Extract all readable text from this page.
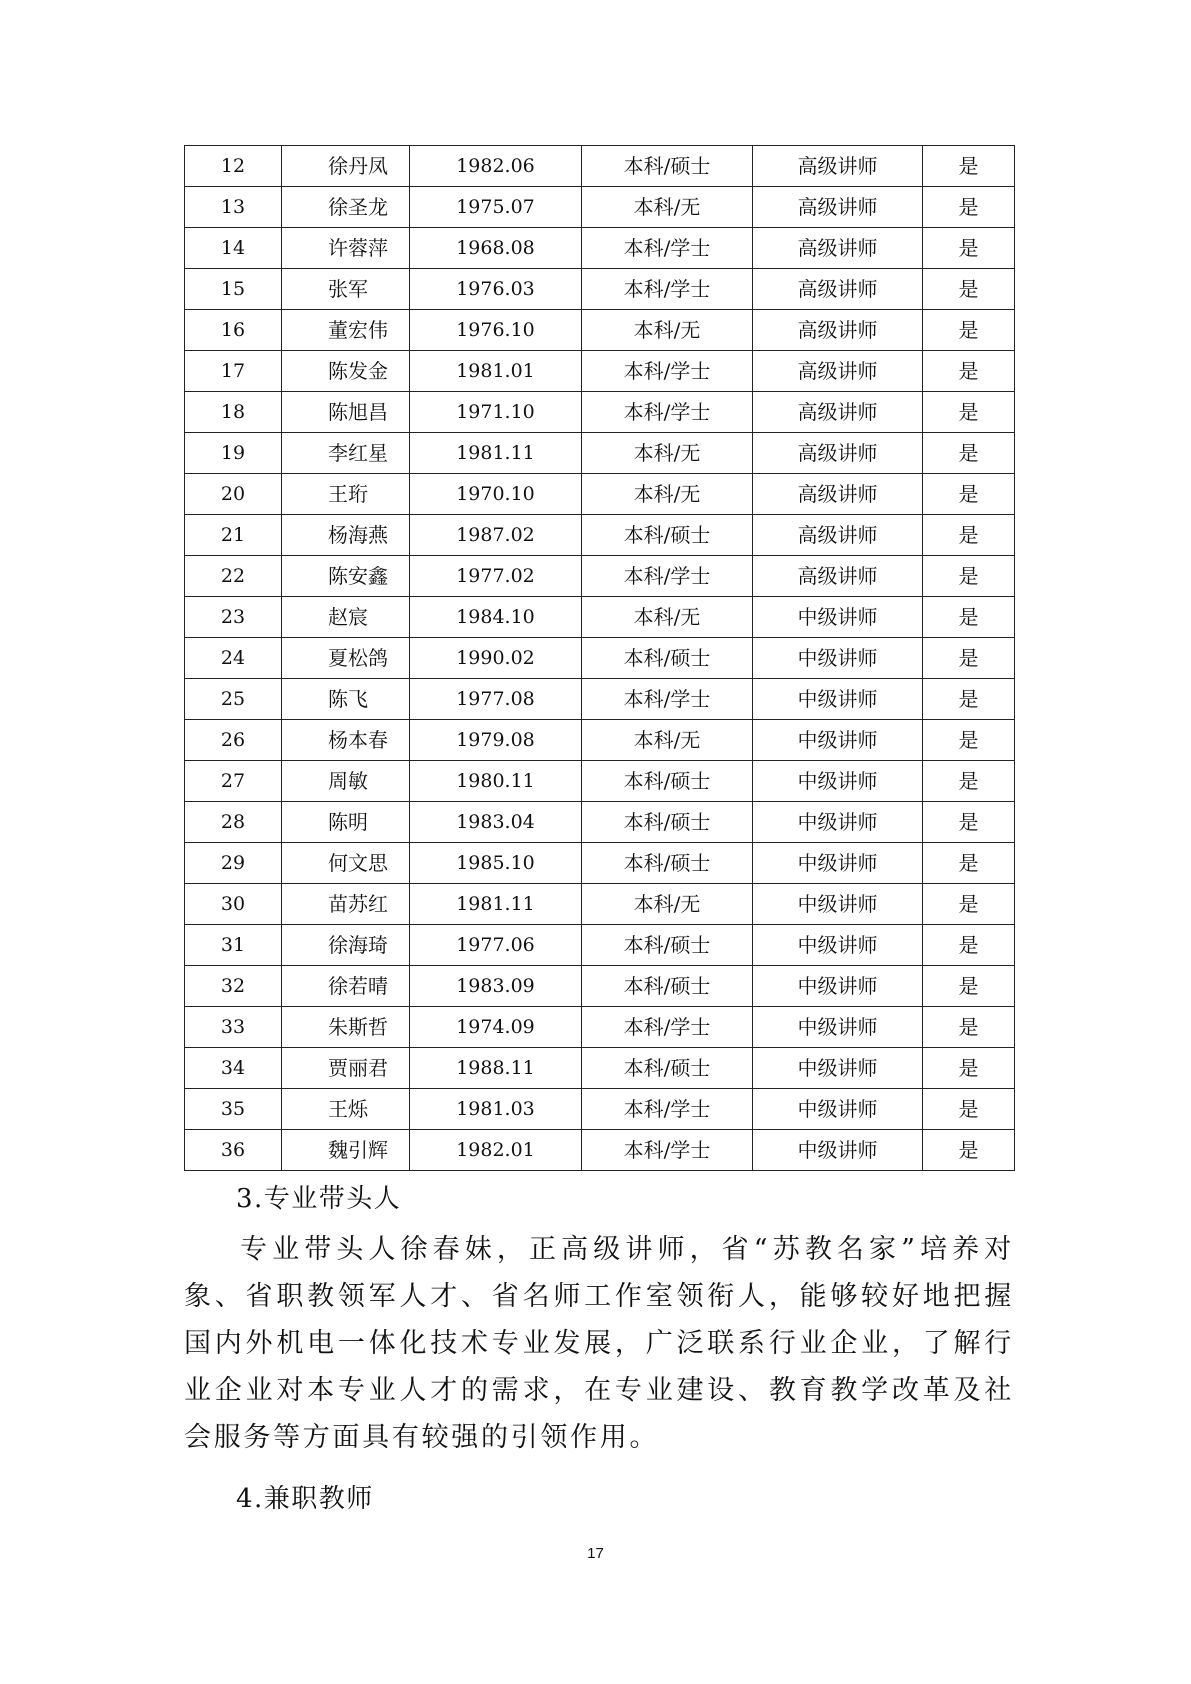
12	徐丹凤	1982.06	本科/硕士	高级讲师	是
13	徐圣龙	1975.07	本科/无	高级讲师	是
14	许蓉萍	1968.08	本科/学士	高级讲师	是
15	张军	1976.03	本科/学士	高级讲师	是
16	董宏伟	1976.10	本科/无	高级讲师	是
17	陈发金	1981.01	本科/学士	高级讲师	是
18	陈旭昌	1971.10	本科/学士	高级讲师	是
19	李红星	1981.11	本科/无	高级讲师	是
20	王珩	1970.10	本科/无	高级讲师	是
21	杨海燕	1987.02	本科/硕士	高级讲师	是
22	陈安鑫	1977.02	本科/学士	高级讲师	是
23	赵宸	1984.10	本科/无	中级讲师	是
24	夏松鸽	1990.02	本科/硕士	中级讲师	是
25	陈飞	1977.08	本科/学士	中级讲师	是
26	杨本春	1979.08	本科/无	中级讲师	是
27	周敏	1980.11	本科/硕士	中级讲师	是
28	陈明	1983.04	本科/硕士	中级讲师	是
29	何文思	1985.10	本科/硕士	中级讲师	是
30	苗苏红	1981.11	本科/无	中级讲师	是
31	徐海琦	1977.06	本科/硕士	中级讲师	是
32	徐若晴	1983.09	本科/硕士	中级讲师	是
33	朱斯哲	1974.09	本科/学士	中级讲师	是
34	贾丽君	1988.11	本科/硕士	中级讲师	是
35	王烁	1981.03	本科/学士	中级讲师	是
36	魏引辉	1982.01	本科/学士	中级讲师	是

3.专业带头人

专业带头人徐春妹，正高级讲师，省“苏教名家”培养对象、省职教领军人才、省名师工作室领衔人，能够较好地把握国内外机电一体化技术专业发展，广泛联系行业企业，了解行业企业对本专业人才的需求，在专业建设、教育教学改革及社会服务等方面具有较强的引领作用。

4.兼职教师

17
